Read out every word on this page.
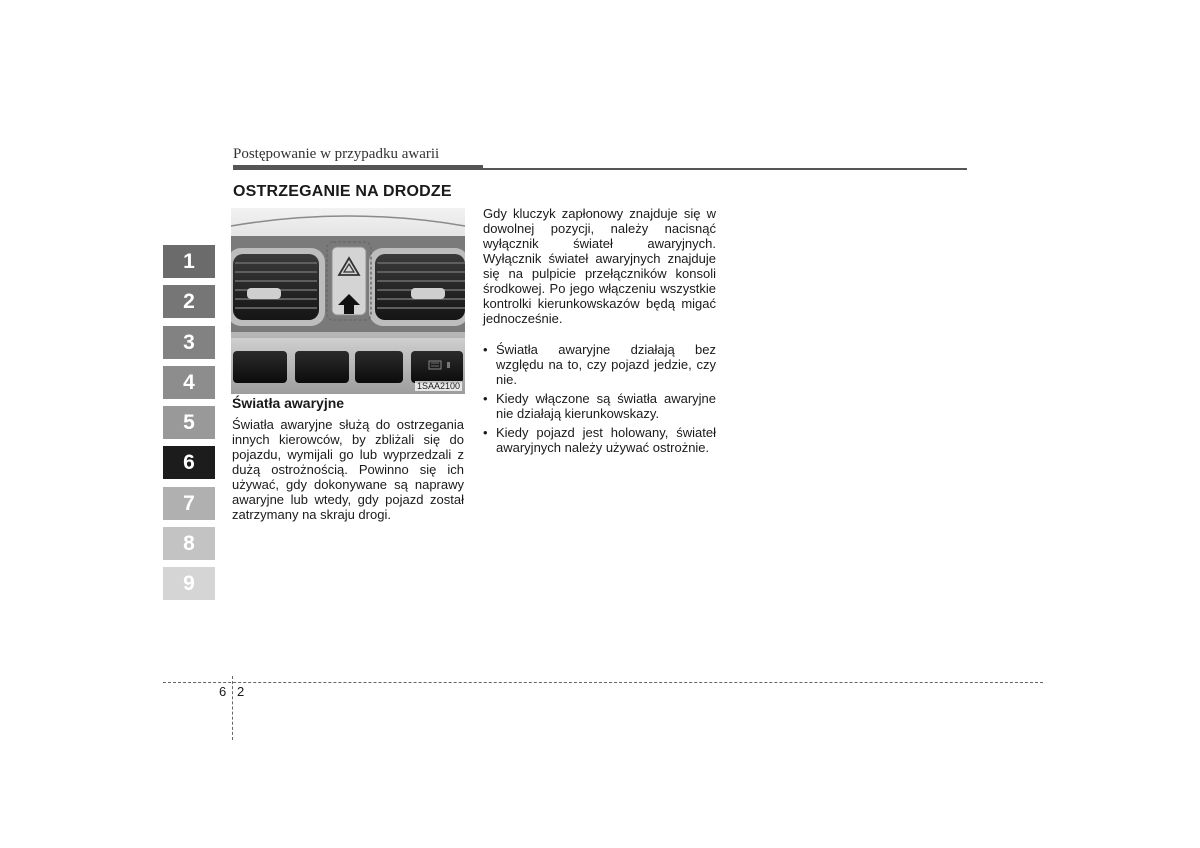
Postępowanie w przypadku awarii
OSTRZEGANIE NA DRODZE
1SAA2100
Światła awaryjne

Światła awaryjne służą do ostrzegania innych kierowców, by zbliżali się do pojazdu, wymijali go lub wyprzedzali z dużą ostrożnością. Powinno się ich używać, gdy dokonywane są naprawy awaryjne lub wtedy, gdy pojazd został zatrzymany na skraju drogi.

Gdy kluczyk zapłonowy znajduje się w dowolnej pozycji, należy nacisnąć wyłącznik świateł awaryjnych. Wyłącznik świateł awaryjnych znajduje się na pulpicie przełączników konsoli środkowej. Po jego włączeniu wszystkie kontrolki kierunkowskazów będą migać jednocześnie.

• Światła awaryjne działają bez względu na to, czy pojazd jedzie, czy nie.
• Kiedy włączone są światła awaryjne nie działają kierunkowskazy.
• Kiedy pojazd jest holowany, świateł awaryjnych należy używać ostrożnie.
1
2
3
4
5
6
7
8
9
6 2
